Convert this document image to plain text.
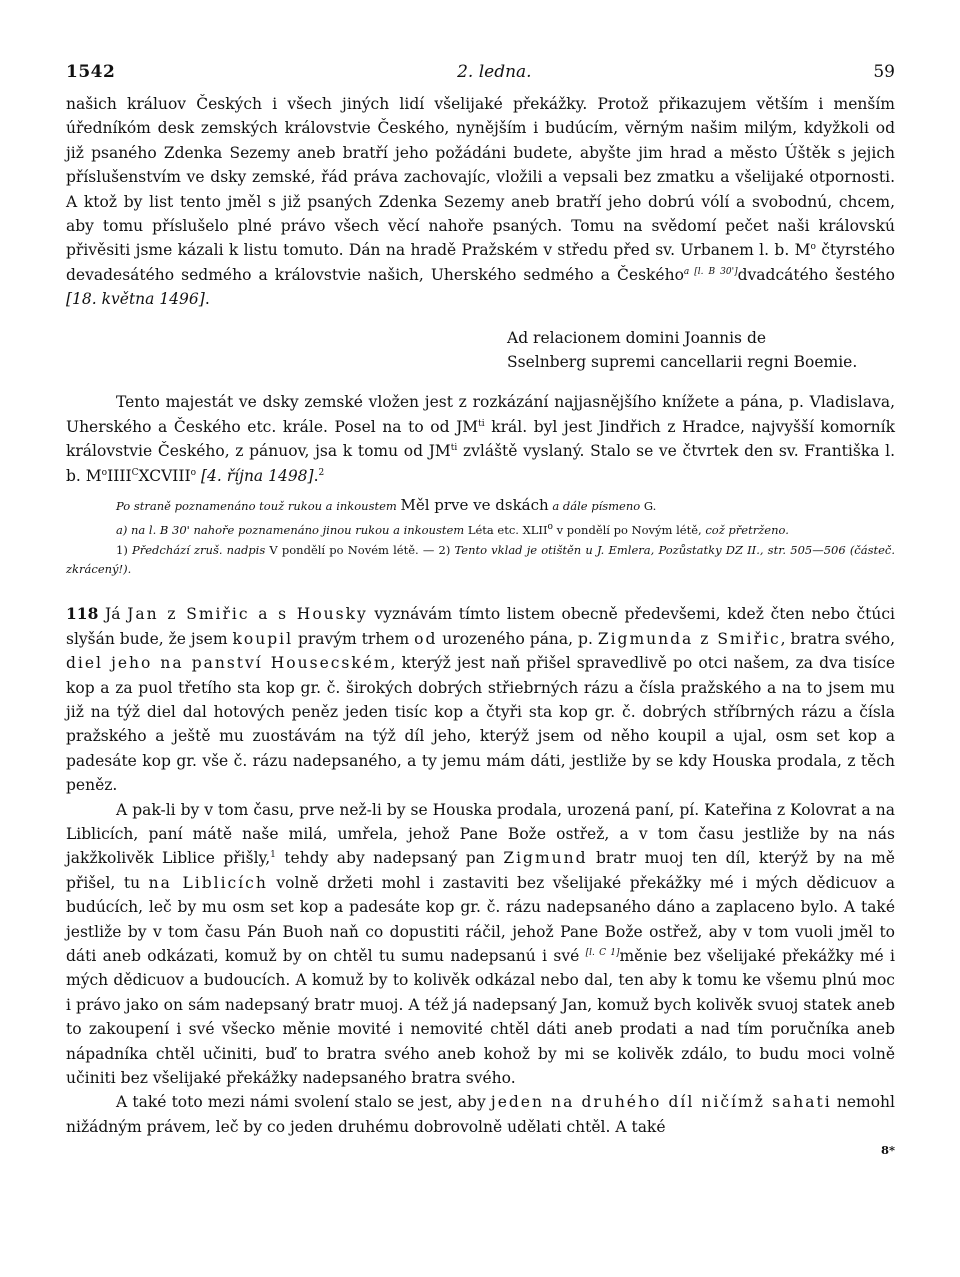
1542	2. ledna.	59

našich králuov Českých i všech jiných lidí všelijaké překážky. Protož přikazujem větším i menším úředníkóm desk zemských královstvie Českého, nynějším i budúcím, věrným našim milým, kdyžkoli od již psaného Zdenka Sezemy aneb bratří jeho požádáni budete, abyšte jim hrad a město Úštěk s jejich příslušenstvím ve dsky zemské, řád práva zachovajíc, vložili a vepsali bez zmatku a všelijaké otpornosti. A ktož by list tento jměl s již psaných Zdenka Sezemy aneb bratří jeho dobrú vólí a svobodnú, chcem, aby tomu příslušelo plné právo všech věcí nahoře psaných. Tomu na svědomí pečet naši královskú přivěsiti jsme kázali k listu tomuto. Dán na hradě Pražském v středu před sv. Urbanem l. b. $M^o$ čtyrstého devadesátého sedmého a královstvie našich, Uherského sedmého a Českého$^{a [l. B 30']}$dvadcátého šestého [18. května 1496].

Ad relacionem domini Joannis de
Sselnberg supremi cancellarii regni Boemie.

Tento majestát ve dsky zemské vložen jest z rozkázání najjasnějšího knížete a pána, p. Vladislava, Uherského a Českého etc. krále. Posel na to od $JM^{ti}$ král. byl jest Jindřich z Hradce, najvyšší komorník královstvie Českého, z pánuov, jsa k tomu od $JM^{ti}$ zvláště vyslaný. Stalo se ve čtvrtek den sv. Františka l. b. $M^oIIII^CXCVIII^o$ [4. října 1498].$^2$

Po straně poznamenáno touž rukou a inkoustem Měl prve ve dskách a dále písmeno G.

a) na l. B 30' nahoře poznamenáno jinou rukou a inkoustem Léta etc. XLII$^o$ v pondělí po Novým létě, což přetrženo.

1) Předchází zruš. nadpis V pondělí po Novém létě. — 2) Tento vklad je otištěn u J. Emlera, Pozůstatky DZ II., str. 505—506 (částeč. zkrácený!).

118 Já Jan z Smiřic a s Housky vyznávám tímto listem obecně předevšemi, kdež čten nebo čtúci slyšán bude, že jsem koupil pravým trhem od urozeného pána, p. Zigmunda z Smiřic, bratra svého, diel jeho na panství Housecském, kterýž jest naň přišel spravedlivě po otci našem, za dva tisíce kop a za puol třetího sta kop gr. č. širokých dobrých střiebrných rázu a čísla pražského a na to jsem mu již na týž diel dal hotových peněz jeden tisíc kop a čtyři sta kop gr. č. dobrých stříbrných rázu a čísla pražského a ještě mu zuostávám na týž díl jeho, kterýž jsem od něho koupil a ujal, osm set kop a padesáte kop gr. vše č. rázu nadepsaného, a ty jemu mám dáti, jestliže by se kdy Houska prodala, z těch peněz.

A pak-li by v tom času, prve než-li by se Houska prodala, urozená paní, pí. Kateřina z Kolovrat a na Liblicích, paní mátě naše milá, umřela, jehož Pane Bože ostřež, a v tom času jestliže by na nás jakžkolivěk Liblice přišly,$^1$ tehdy aby nadepsaný pan Zigmund bratr muoj ten díl, kterýž by na mě přišel, tu na Liblicích volně držeti mohl i zastaviti bez všelijaké překážky mé i mých dědicuov a budúcích, leč by mu osm set kop a padesáte kop gr. č. rázu nadepsaného dáno a zaplaceno bylo. A také jestliže by v tom času Pán Buoh naň co dopustiti ráčil, jehož Pane Bože ostřež, aby v tom vuoli jměl to dáti aneb odkázati, komuž by on chtěl tu sumu nadepsanú i své [l. C 1]měnie bez všelijaké překážky mé i mých dědicuov a budoucích. A komuž by to kolivěk odkázal nebo dal, ten aby k tomu ke všemu plnú moc i právo jako on sám nadepsaný bratr muoj. A též já nadepsaný Jan, komuž bych kolivěk svuoj statek aneb to zakoupení i své všecko měnie movité i nemovité chtěl dáti aneb prodati a nad tím poručníka aneb nápadníka chtěl učiniti, buď to bratra svého aneb kohož by mi se kolivěk zdálo, to budu moci volně učiniti bez všelijaké překážky nadepsaného bratra svého.

A také toto mezi námi svolení stalo se jest, aby jeden na druhého díl ničímž sahati nemohl nižádným právem, leč by co jeden druhému dobrovolně udělati chtěl. A také

8*
